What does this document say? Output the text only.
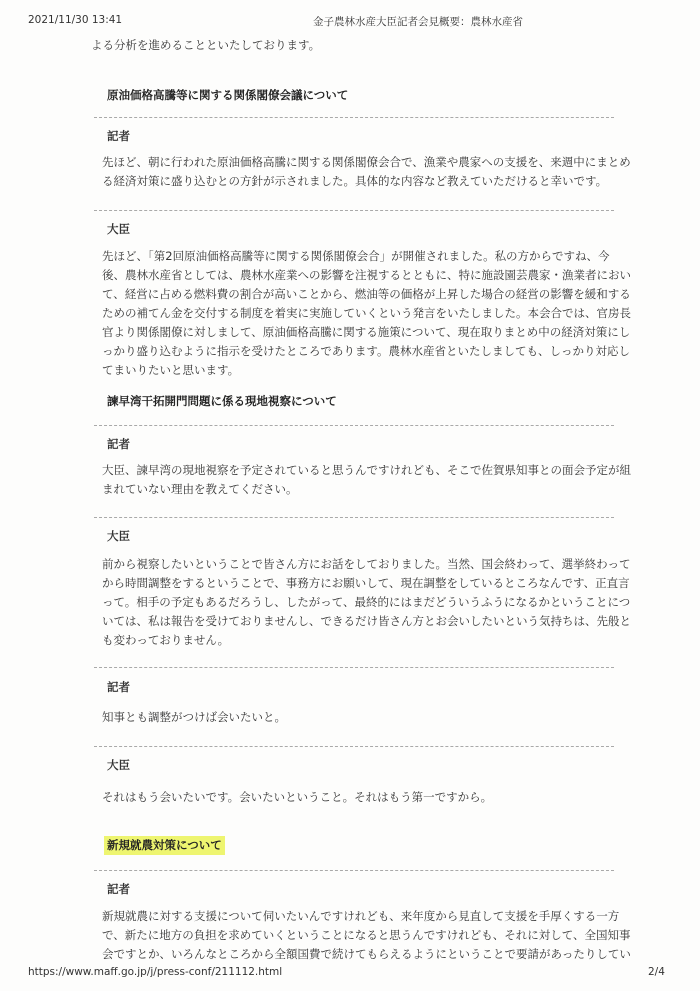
2021/11/30 13:41	金子農林水産大臣記者会見概要：農林水産省
よる分析を進めることといたしております。
原油価格高騰等に関する関係閣僚会議について
記者
先ほど、朝に行われた原油価格高騰に関する関係閣僚会合で、漁業や農家への支援を、来週中にまとめ
る経済対策に盛り込むとの方針が示されました。具体的な内容など教えていただけると幸いです。
大臣
先ほど、「第2回原油価格高騰等に関する関係閣僚会合」が開催されました。私の方からですね、今
後、農林水産省としては、農林水産業への影響を注視するとともに、特に施設園芸農家・漁業者におい
て、経営に占める燃料費の割合が高いことから、燃油等の価格が上昇した場合の経営の影響を緩和する
ための補てん金を交付する制度を着実に実施していくという発言をいたしました。本会合では、官房長
官より関係閣僚に対しまして、原油価格高騰に関する施策について、現在取りまとめ中の経済対策にし
っかり盛り込むように指示を受けたところであります。農林水産省といたしましても、しっかり対応し
てまいりたいと思います。
諫早湾干拓開門問題に係る現地視察について
記者
大臣、諫早湾の現地視察を予定されていると思うんですけれども、そこで佐賀県知事との面会予定が組
まれていない理由を教えてください。
大臣
前から視察したいということで皆さん方にお話をしておりました。当然、国会終わって、選挙終わって
から時間調整をするということで、事務方にお願いして、現在調整をしているところなんです、正直言
って。相手の予定もあるだろうし、したがって、最終的にはまだどういうふうになるかということにつ
いては、私は報告を受けておりませんし、できるだけ皆さん方とお会いしたいという気持ちは、先般と
も変わっておりません。
記者
知事とも調整がつけば会いたいと。
大臣
それはもう会いたいです。会いたいということ。それはもう第一ですから。
新規就農対策について
記者
新規就農に対する支援について伺いたいんですけれども、来年度から見直して支援を手厚くする一方
で、新たに地方の負担を求めていくということになると思うんですけれども、それに対して、全国知事
会ですとか、いろんなところから全額国費で続けてもらえるようにということで要請があったりしてい
https://www.maff.go.jp/j/press-conf/211112.html	2/4
